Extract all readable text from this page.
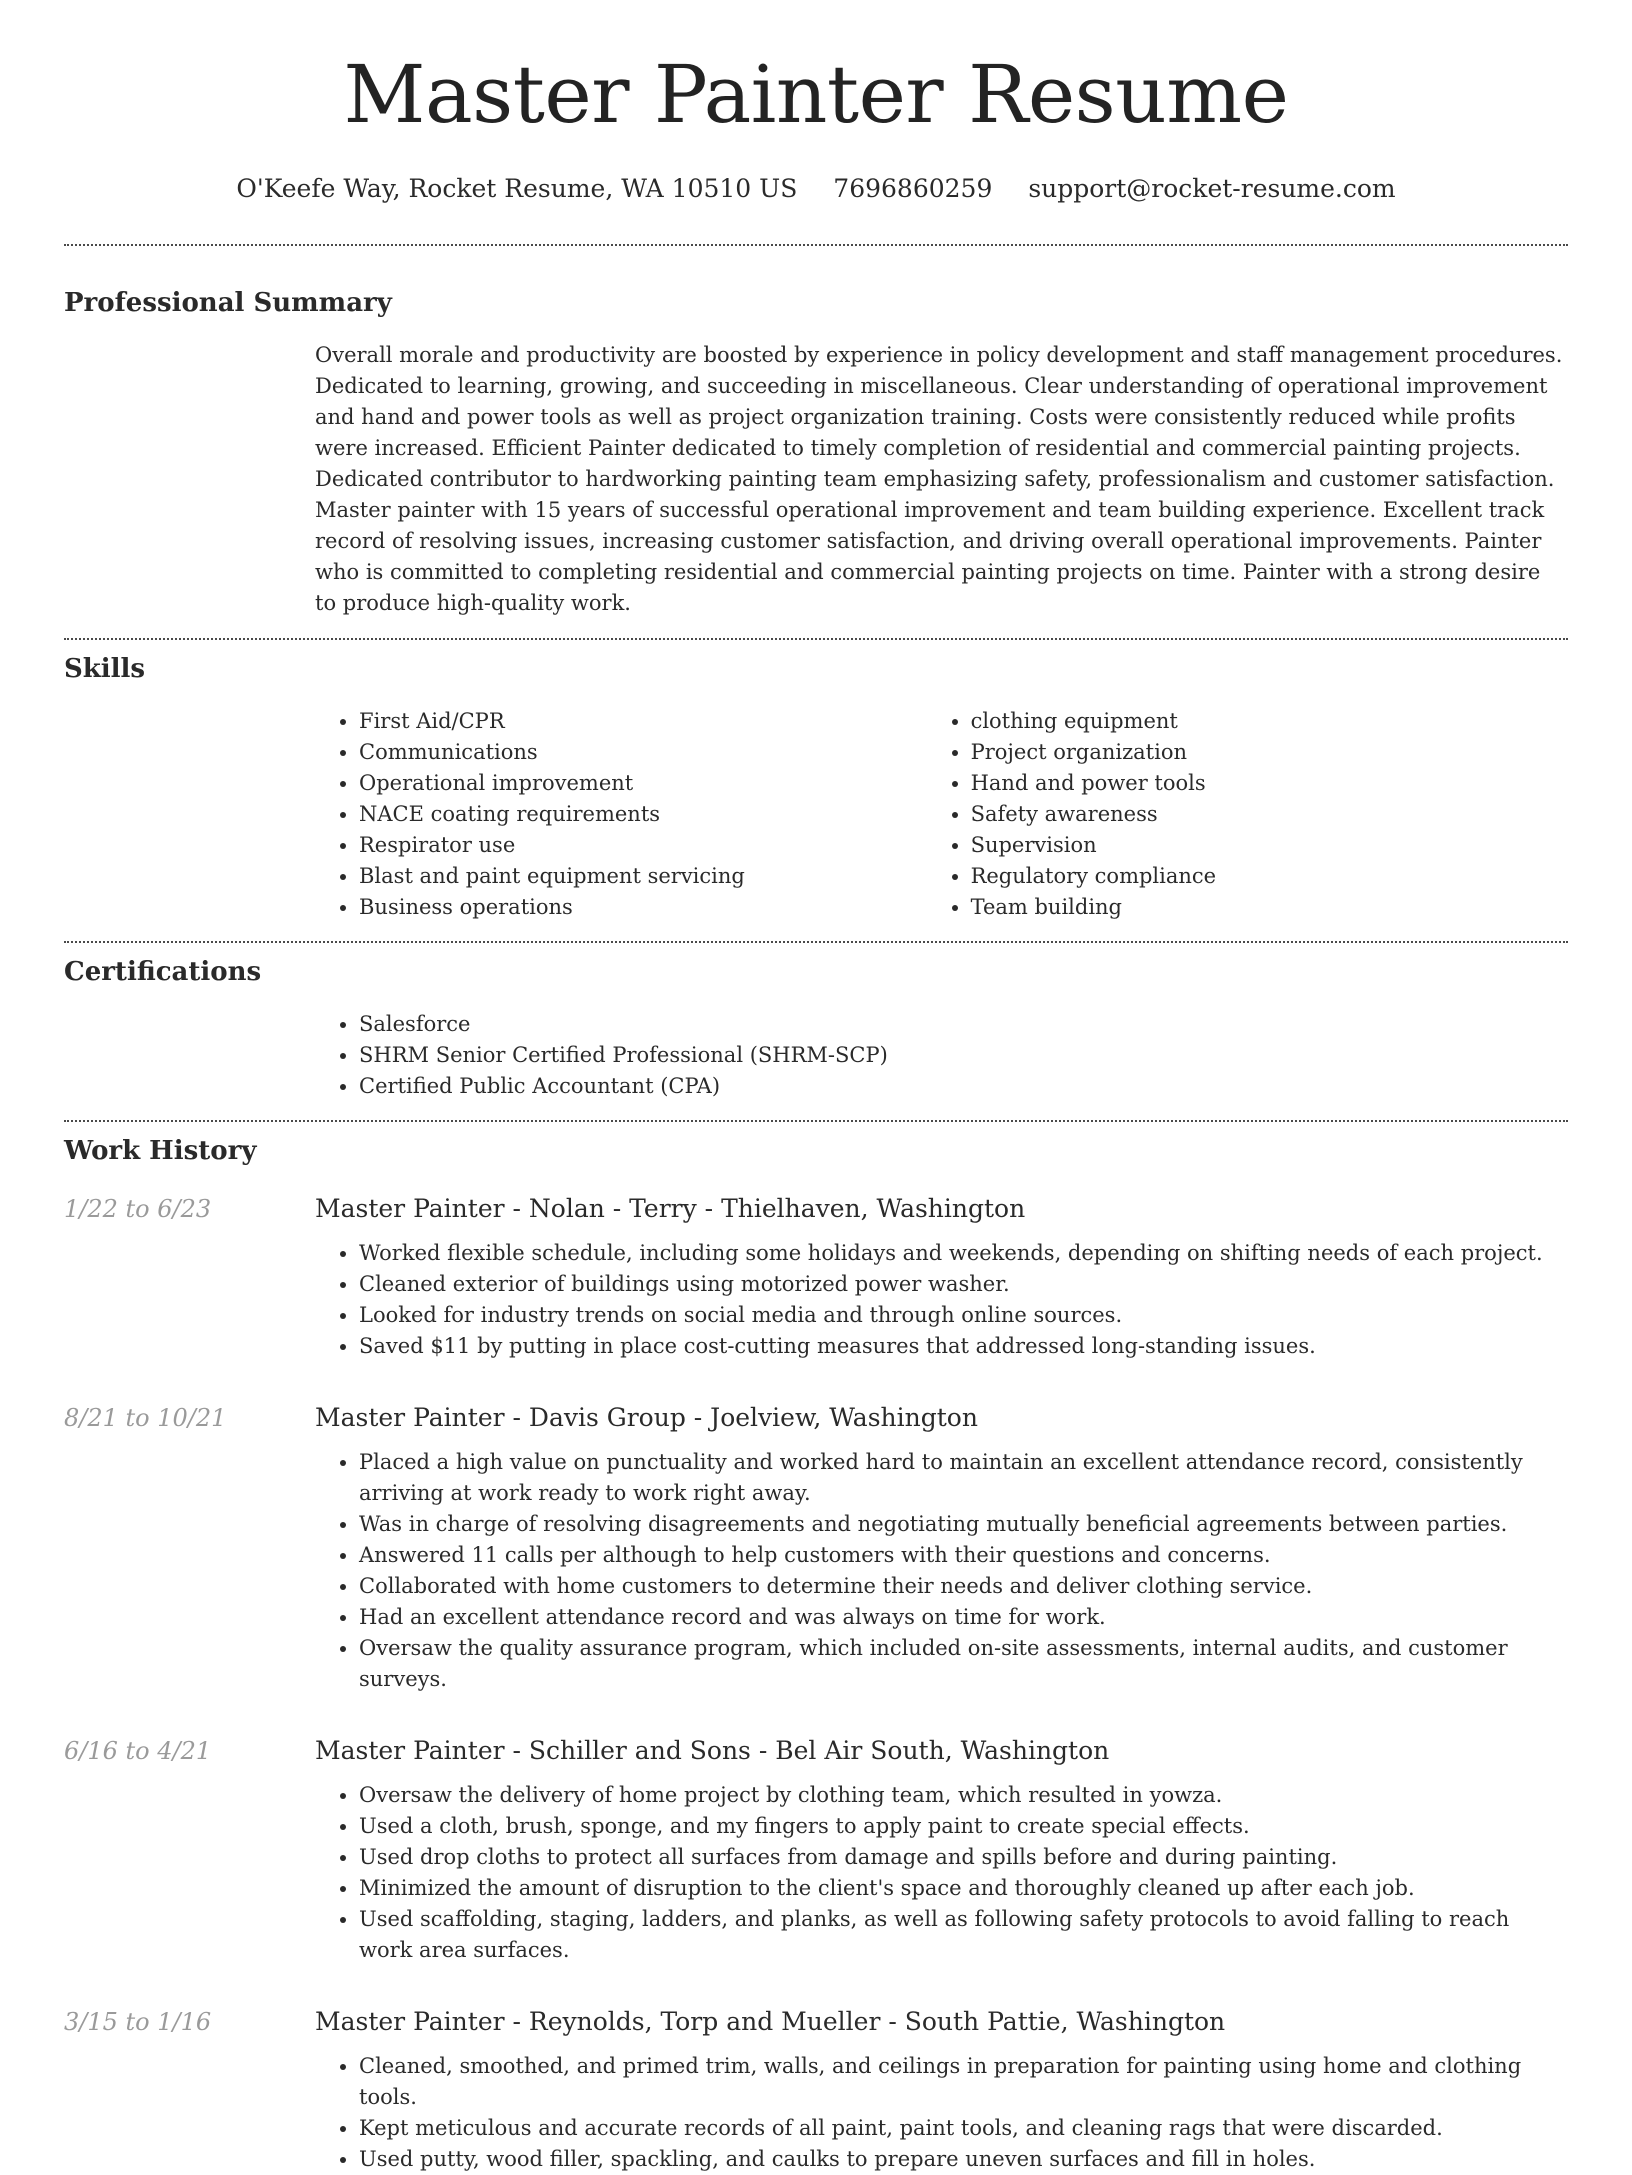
Master Painter Resume
O'Keefe Way, Rocket Resume, WA 10510 US 7696860259 support@rocket-resume.com
Professional Summary
Overall morale and productivity are boosted by experience in policy development and staff management procedures. Dedicated to learning, growing, and succeeding in miscellaneous. Clear understanding of operational improvement and hand and power tools as well as project organization training. Costs were consistently reduced while profits were increased. Efficient Painter dedicated to timely completion of residential and commercial painting projects. Dedicated contributor to hardworking painting team emphasizing safety, professionalism and customer satisfaction. Master painter with 15 years of successful operational improvement and team building experience. Excellent track record of resolving issues, increasing customer satisfaction, and driving overall operational improvements. Painter who is committed to completing residential and commercial painting projects on time. Painter with a strong desire to produce high-quality work.
Skills
• First Aid/CPR
• Communications
• Operational improvement
• NACE coating requirements
• Respirator use
• Blast and paint equipment servicing
• Business operations
• clothing equipment
• Project organization
• Hand and power tools
• Safety awareness
• Supervision
• Regulatory compliance
• Team building
Certifications
• Salesforce
• SHRM Senior Certified Professional (SHRM-SCP)
• Certified Public Accountant (CPA)
Work History
1/22 to 6/23	Master Painter - Nolan - Terry - Thielhaven, Washington
• Worked flexible schedule, including some holidays and weekends, depending on shifting needs of each project.
• Cleaned exterior of buildings using motorized power washer.
• Looked for industry trends on social media and through online sources.
• Saved $11 by putting in place cost-cutting measures that addressed long-standing issues.
8/21 to 10/21	Master Painter - Davis Group - Joelview, Washington
• Placed a high value on punctuality and worked hard to maintain an excellent attendance record, consistently arriving at work ready to work right away.
• Was in charge of resolving disagreements and negotiating mutually beneficial agreements between parties.
• Answered 11 calls per although to help customers with their questions and concerns.
• Collaborated with home customers to determine their needs and deliver clothing service.
• Had an excellent attendance record and was always on time for work.
• Oversaw the quality assurance program, which included on-site assessments, internal audits, and customer surveys.
6/16 to 4/21	Master Painter - Schiller and Sons - Bel Air South, Washington
• Oversaw the delivery of home project by clothing team, which resulted in yowza.
• Used a cloth, brush, sponge, and my fingers to apply paint to create special effects.
• Used drop cloths to protect all surfaces from damage and spills before and during painting.
• Minimized the amount of disruption to the client's space and thoroughly cleaned up after each job.
• Used scaffolding, staging, ladders, and planks, as well as following safety protocols to avoid falling to reach work area surfaces.
3/15 to 1/16	Master Painter - Reynolds, Torp and Mueller - South Pattie, Washington
• Cleaned, smoothed, and primed trim, walls, and ceilings in preparation for painting using home and clothing tools.
• Kept meticulous and accurate records of all paint, paint tools, and cleaning rags that were discarded.
• Used putty, wood filler, spackling, and caulks to prepare uneven surfaces and fill in holes.
